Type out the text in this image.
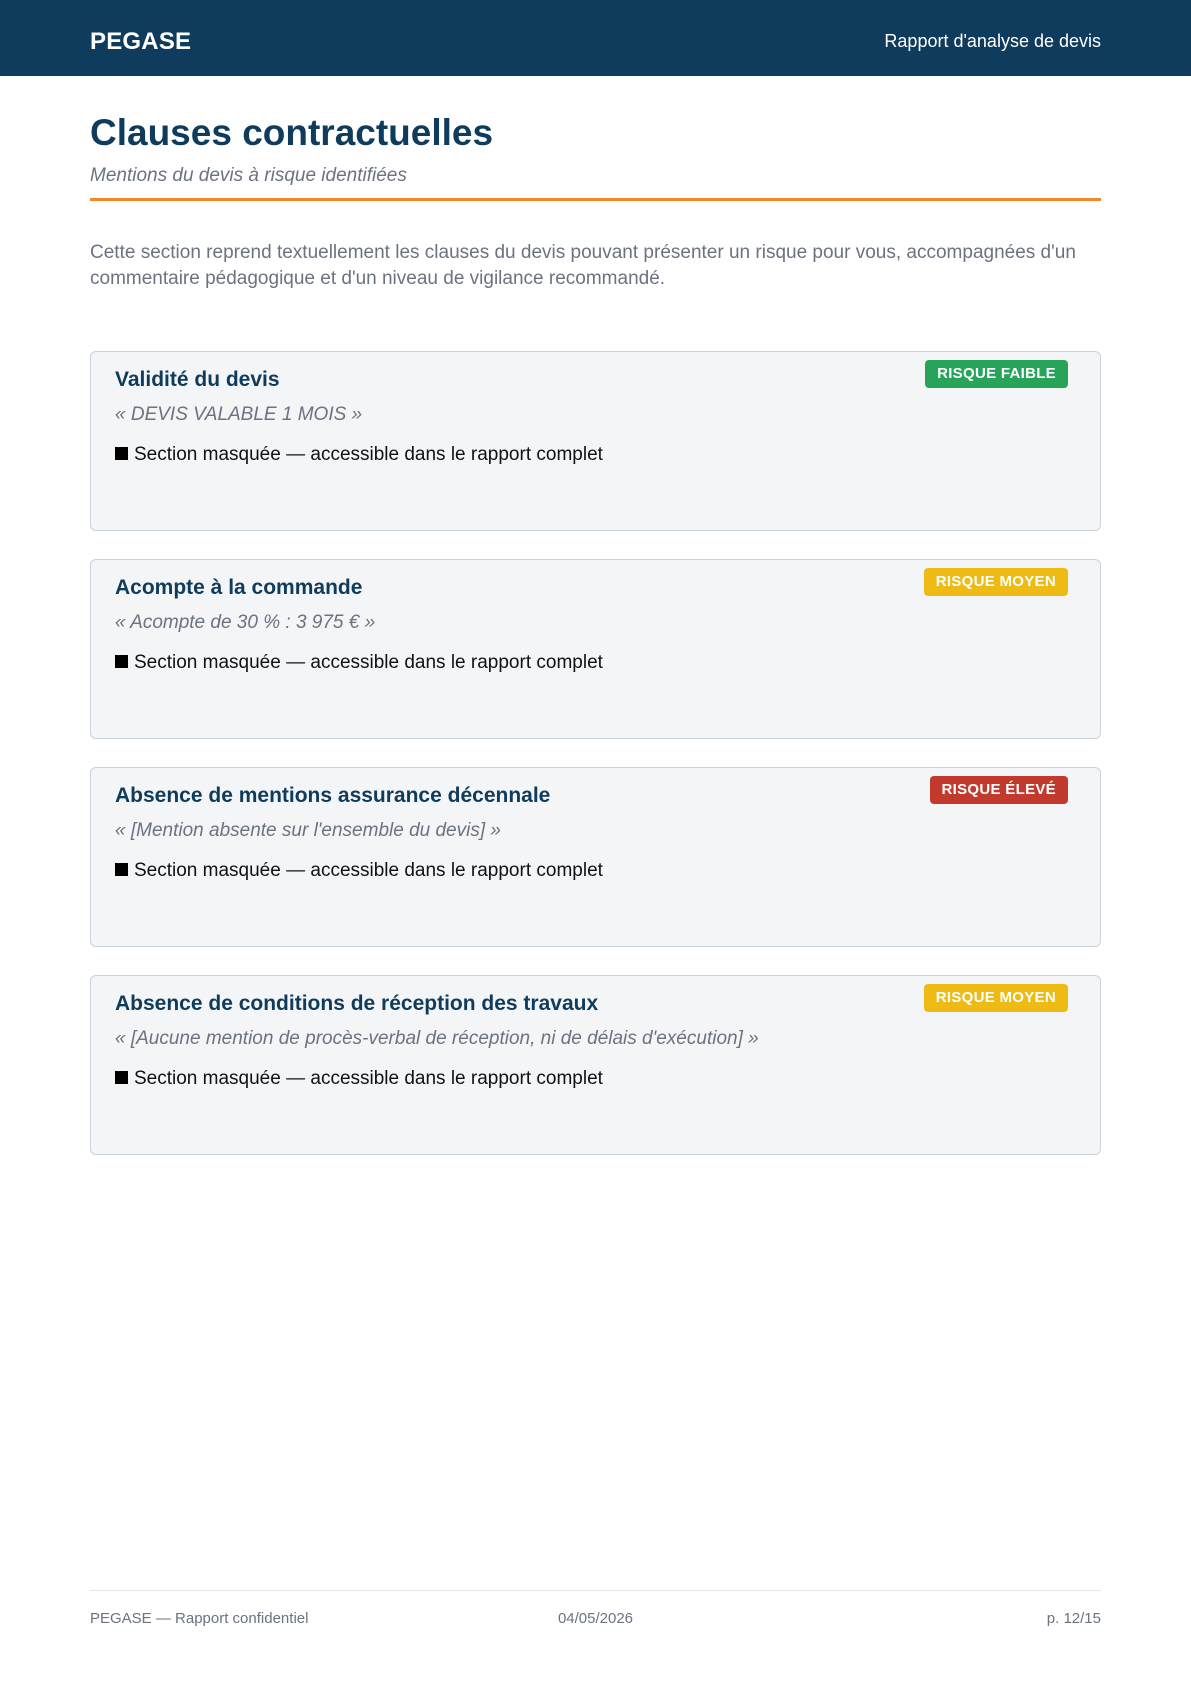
PEGASE	Rapport d'analyse de devis
Clauses contractuelles
Mentions du devis à risque identifiées

Cette section reprend textuellement les clauses du devis pouvant présenter un risque pour vous, accompagnées d'un commentaire pédagogique et d'un niveau de vigilance recommandé.

Validité du devis	RISQUE FAIBLE
« DEVIS VALABLE 1 MOIS »
Section masquée — accessible dans le rapport complet
Acompte à la commande	RISQUE MOYEN
« Acompte de 30 % : 3 975 € »
Section masquée — accessible dans le rapport complet
Absence de mentions assurance décennale	RISQUE ÉLEVÉ
« [Mention absente sur l'ensemble du devis] »
Section masquée — accessible dans le rapport complet
Absence de conditions de réception des travaux	RISQUE MOYEN
« [Aucune mention de procès-verbal de réception, ni de délais d'exécution] »
Section masquée — accessible dans le rapport complet
PEGASE — Rapport confidentiel	04/05/2026	p. 12/15
